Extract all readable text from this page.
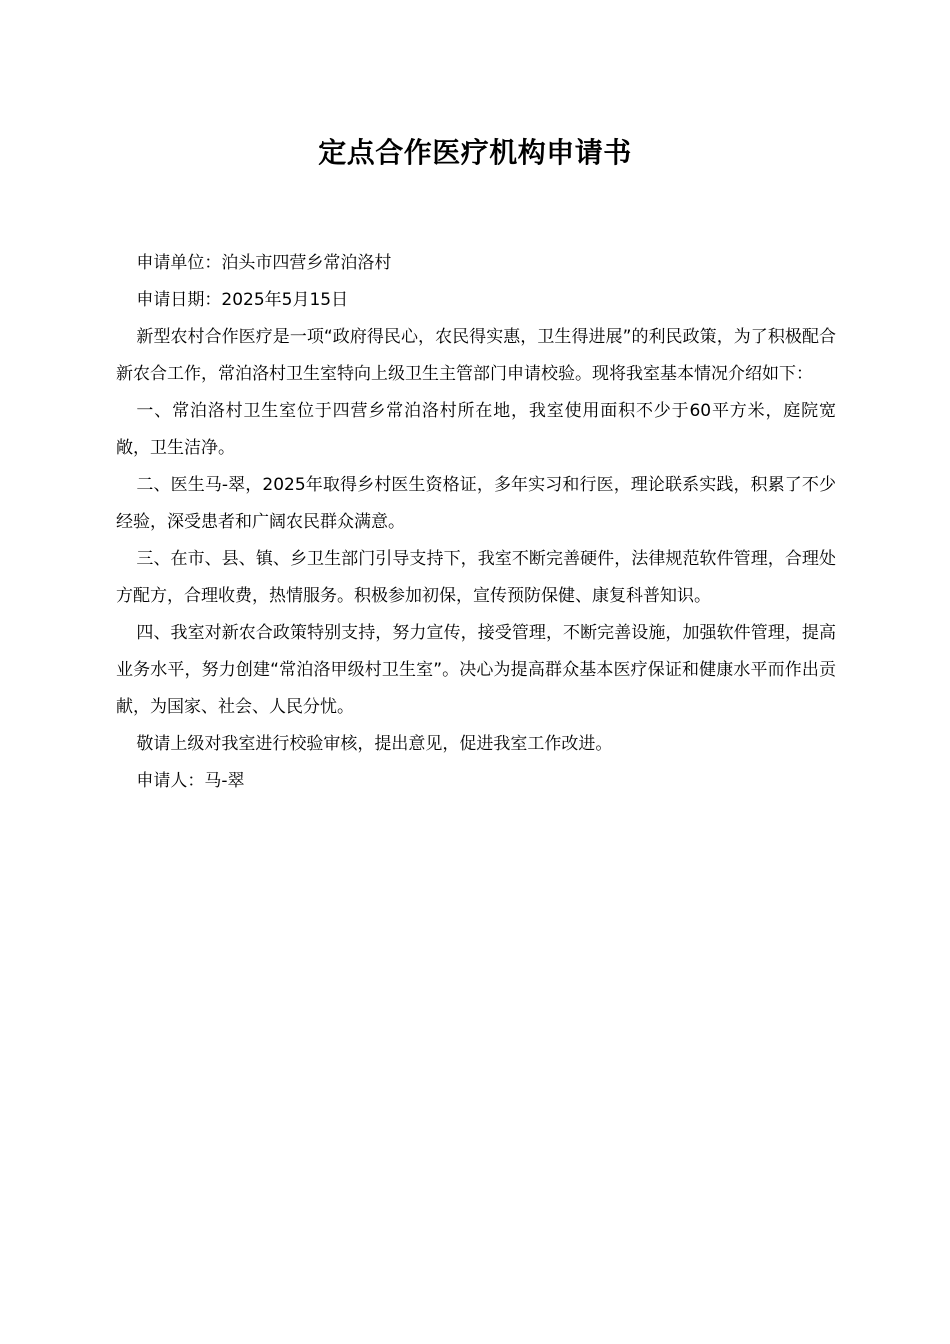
定点合作医疗机构申请书

申请单位：泊头市四营乡常泊洛村

申请日期：2025年5月15日

新型农村合作医疗是一项“政府得民心，农民得实惠，卫生得进展”的利民政策，为了积极配合新农合工作，常泊洛村卫生室特向上级卫生主管部门申请校验。现将我室基本情况介绍如下：

一、常泊洛村卫生室位于四营乡常泊洛村所在地，我室使用面积不少于60平方米，庭院宽敞，卫生洁净。

二、医生马-翠，2025年取得乡村医生资格证，多年实习和行医，理论联系实践，积累了不少经验，深受患者和广阔农民群众满意。

三、在市、县、镇、乡卫生部门引导支持下，我室不断完善硬件，法律规范软件管理，合理处方配方，合理收费，热情服务。积极参加初保，宣传预防保健、康复科普知识。

四、我室对新农合政策特别支持，努力宣传，接受管理，不断完善设施，加强软件管理，提高业务水平，努力创建“常泊洛甲级村卫生室”。决心为提高群众基本医疗保证和健康水平而作出贡献，为国家、社会、人民分忧。

敬请上级对我室进行校验审核，提出意见，促进我室工作改进。

申请人：马-翠
